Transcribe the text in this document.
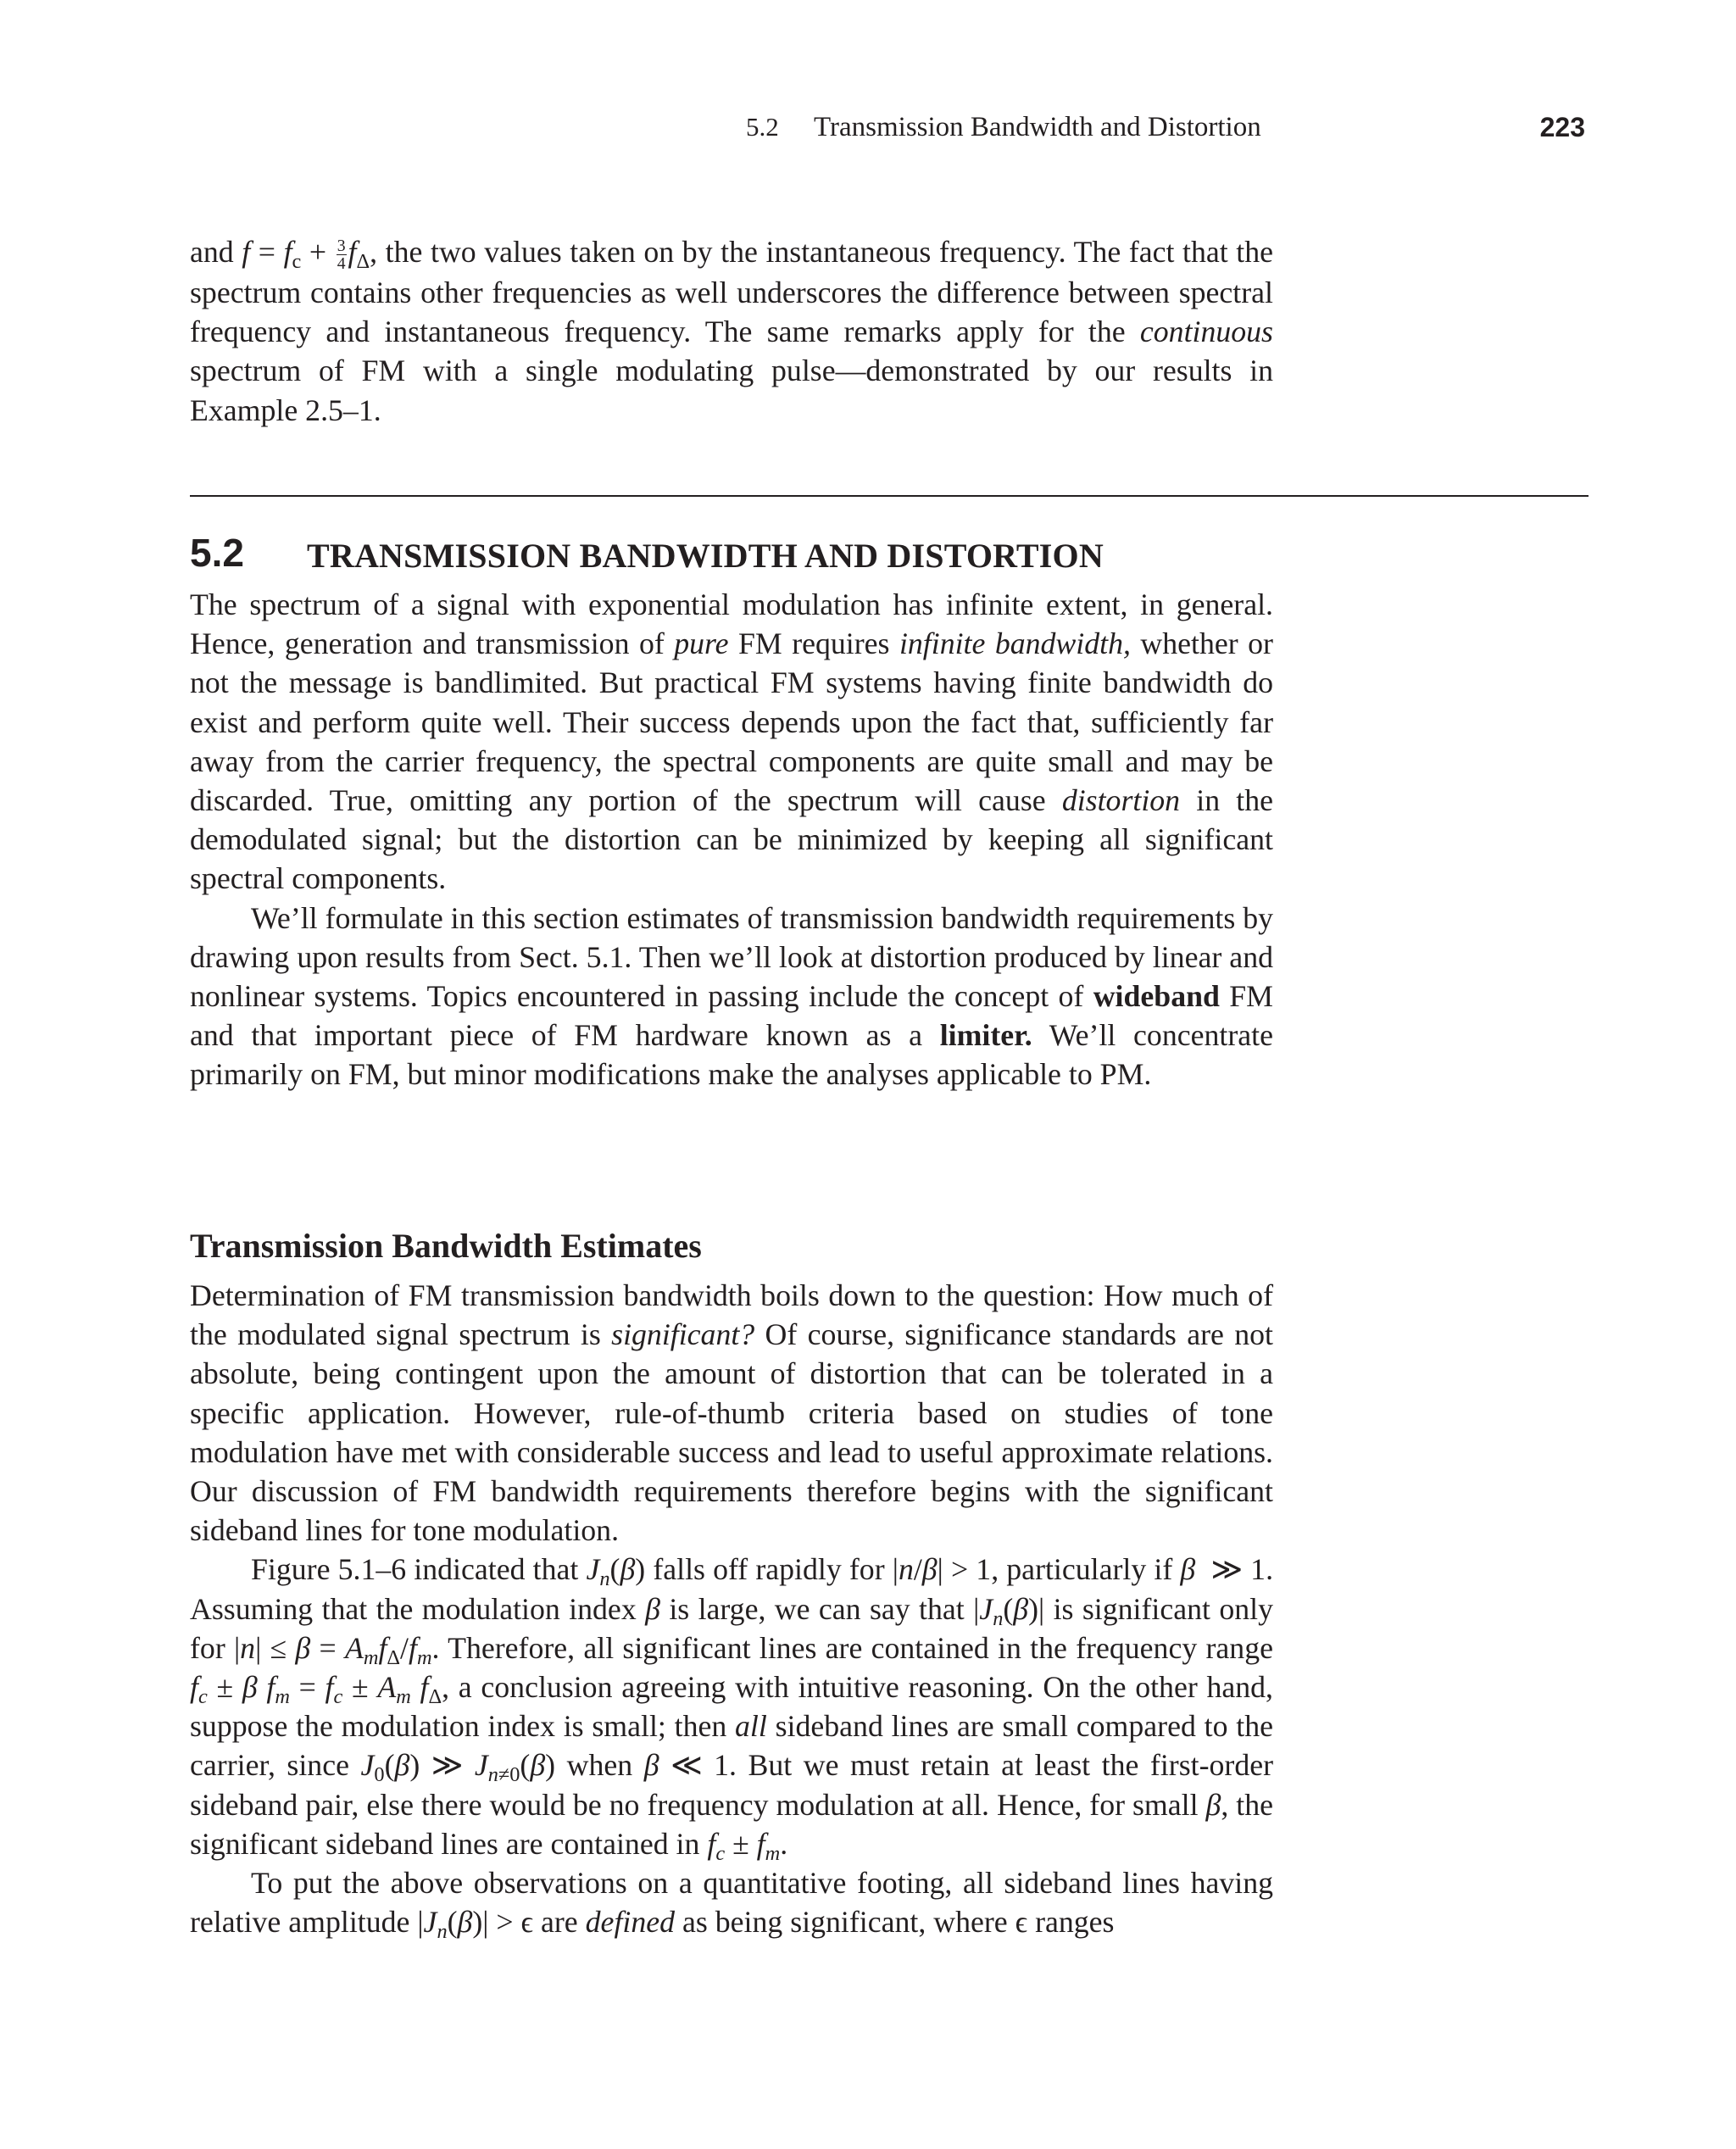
5.2 Transmission Bandwidth and Distortion	223

and $f = f_c + \frac{3}{4} f_\Delta$, the two values taken on by the instantaneous frequency. The fact that the spectrum contains other frequencies as well underscores the difference between spectral frequency and instantaneous frequency. The same remarks apply for the continuous spectrum of FM with a single modulating pulse—demonstrated by our results in Example 2.5–1.

5.2 TRANSMISSION BANDWIDTH AND DISTORTION

The spectrum of a signal with exponential modulation has infinite extent, in general. Hence, generation and transmission of pure FM requires infinite bandwidth, whether or not the message is bandlimited. But practical FM systems having finite bandwidth do exist and perform quite well. Their success depends upon the fact that, sufficiently far away from the carrier frequency, the spectral components are quite small and may be discarded. True, omitting any portion of the spectrum will cause distortion in the demodulated signal; but the distortion can be minimized by keeping all significant spectral components.

We’ll formulate in this section estimates of transmission bandwidth requirements by drawing upon results from Sect. 5.1. Then we’ll look at distortion produced by linear and nonlinear systems. Topics encountered in passing include the concept of wideband FM and that important piece of FM hardware known as a limiter. We’ll concentrate primarily on FM, but minor modifications make the analyses applicable to PM.

Transmission Bandwidth Estimates

Determination of FM transmission bandwidth boils down to the question: How much of the modulated signal spectrum is significant? Of course, significance standards are not absolute, being contingent upon the amount of distortion that can be tolerated in a specific application. However, rule-of-thumb criteria based on studies of tone modulation have met with considerable success and lead to useful approximate relations. Our discussion of FM bandwidth requirements therefore begins with the significant sideband lines for tone modulation.

Figure 5.1–6 indicated that $J_n(\beta)$ falls off rapidly for |n/β| > 1, particularly if β  ≫ 1. Assuming that the modulation index β is large, we can say that $|J_n(\beta)|$ is significant only for $|n| \le \beta = A_mf_\Delta/f_m$. Therefore, all significant lines are contained in the frequency range $f_c \pm \beta$ $f_m = f_c \pm A_m$ $f_\Delta$, a conclusion agreeing with intuitive reasoning. On the other hand, suppose the modulation index is small; then all sideband lines are small compared to the carrier, since $J_0(\beta)$ ≫ $J_{n\ne 0}(\beta)$ when β ≪ 1. But we must retain at least the first-order sideband pair, else there would be no frequency modulation at all. Hence, for small β, the significant sideband lines are contained in $f_c \pm f_m$.

To put the above observations on a quantitative footing, all sideband lines having relative amplitude $|J_n(\beta)| > \epsilon$ are defined as being significant, where ϵ ranges
